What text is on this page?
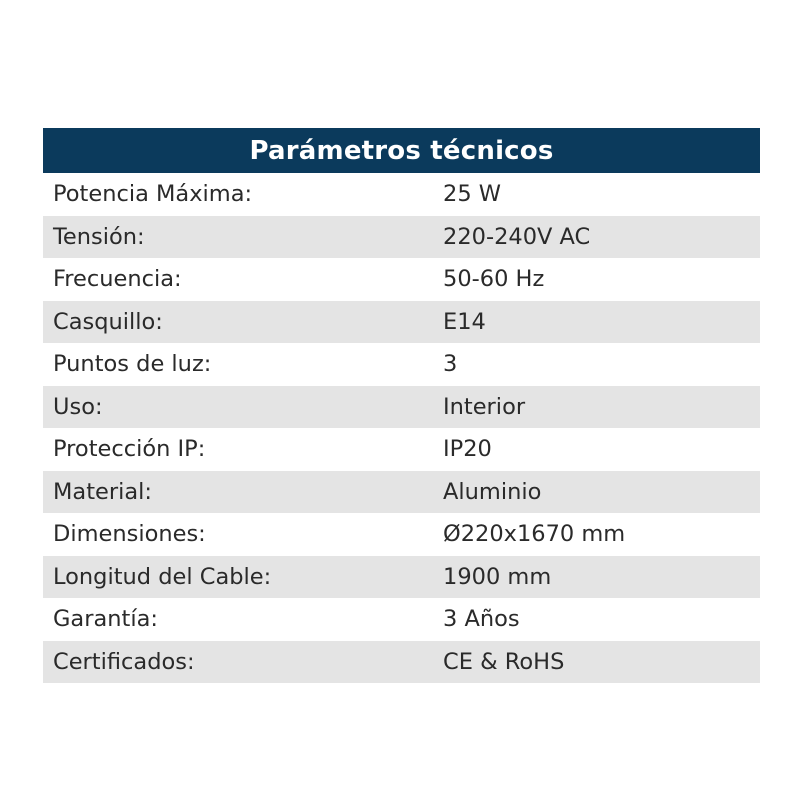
Parámetros técnicos
Potencia Máxima:	25 W
Tensión:	220-240V AC
Frecuencia:	50-60 Hz
Casquillo:	E14
Puntos de luz:	3
Uso:	Interior
Protección IP:	IP20
Material:	Aluminio
Dimensiones:	Ø220x1670 mm
Longitud del Cable:	1900 mm
Garantía:	3 Años
Certificados:	CE & RoHS
